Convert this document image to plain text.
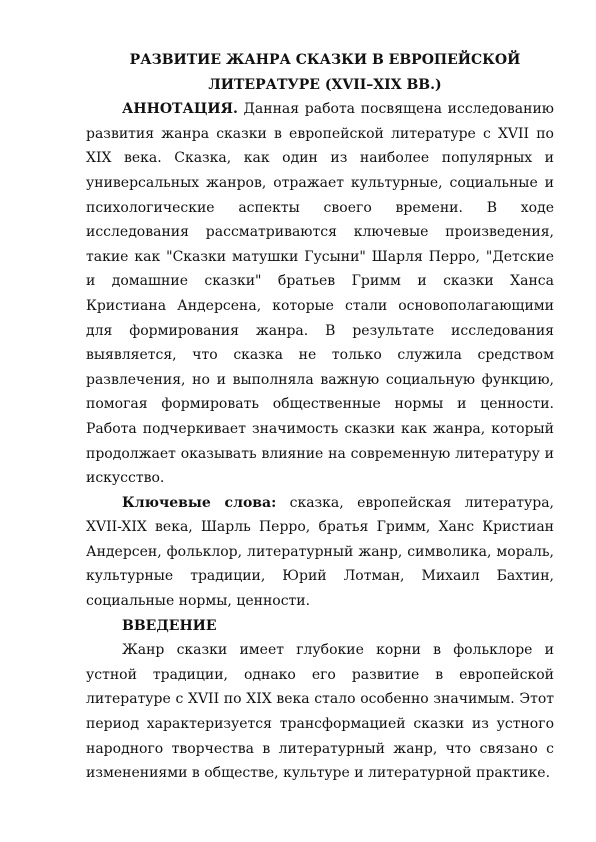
РАЗВИТИЕ ЖАНРА СКАЗКИ В ЕВРОПЕЙСКОЙ
ЛИТЕРАТУРЕ (XVII–XIX ВВ.)

АННОТАЦИЯ. Данная работа посвящена исследованию развития жанра сказки в европейской литературе с XVII по XIX века. Сказка, как один из наиболее популярных и универсальных жанров, отражает культурные, социальные и психологические аспекты своего времени. В ходе исследования рассматриваются ключевые произведения, такие как "Сказки матушки Гусыни" Шарля Перро, "Детские и домашние сказки" братьев Гримм и сказки Ханса Кристиана Андерсена, которые стали основополагающими для формирования жанра. В результате исследования выявляется, что сказка не только служила средством развлечения, но и выполняла важную социальную функцию, помогая формировать общественные нормы и ценности. Работа подчеркивает значимость сказки как жанра, который продолжает оказывать влияние на современную литературу и искусство.

Ключевые слова: сказка, европейская литература, XVII-XIX века, Шарль Перро, братья Гримм, Ханс Кристиан Андерсен, фольклор, литературный жанр, символика, мораль, культурные традиции, Юрий Лотман, Михаил Бахтин, социальные нормы, ценности.

ВВЕДЕНИЕ

Жанр сказки имеет глубокие корни в фольклоре и устной традиции, однако его развитие в европейской литературе с XVII по XIX века стало особенно значимым. Этот период характеризуется трансформацией сказки из устного народного творчества в литературный жанр, что связано с изменениями в обществе, культуре и литературной практике.
